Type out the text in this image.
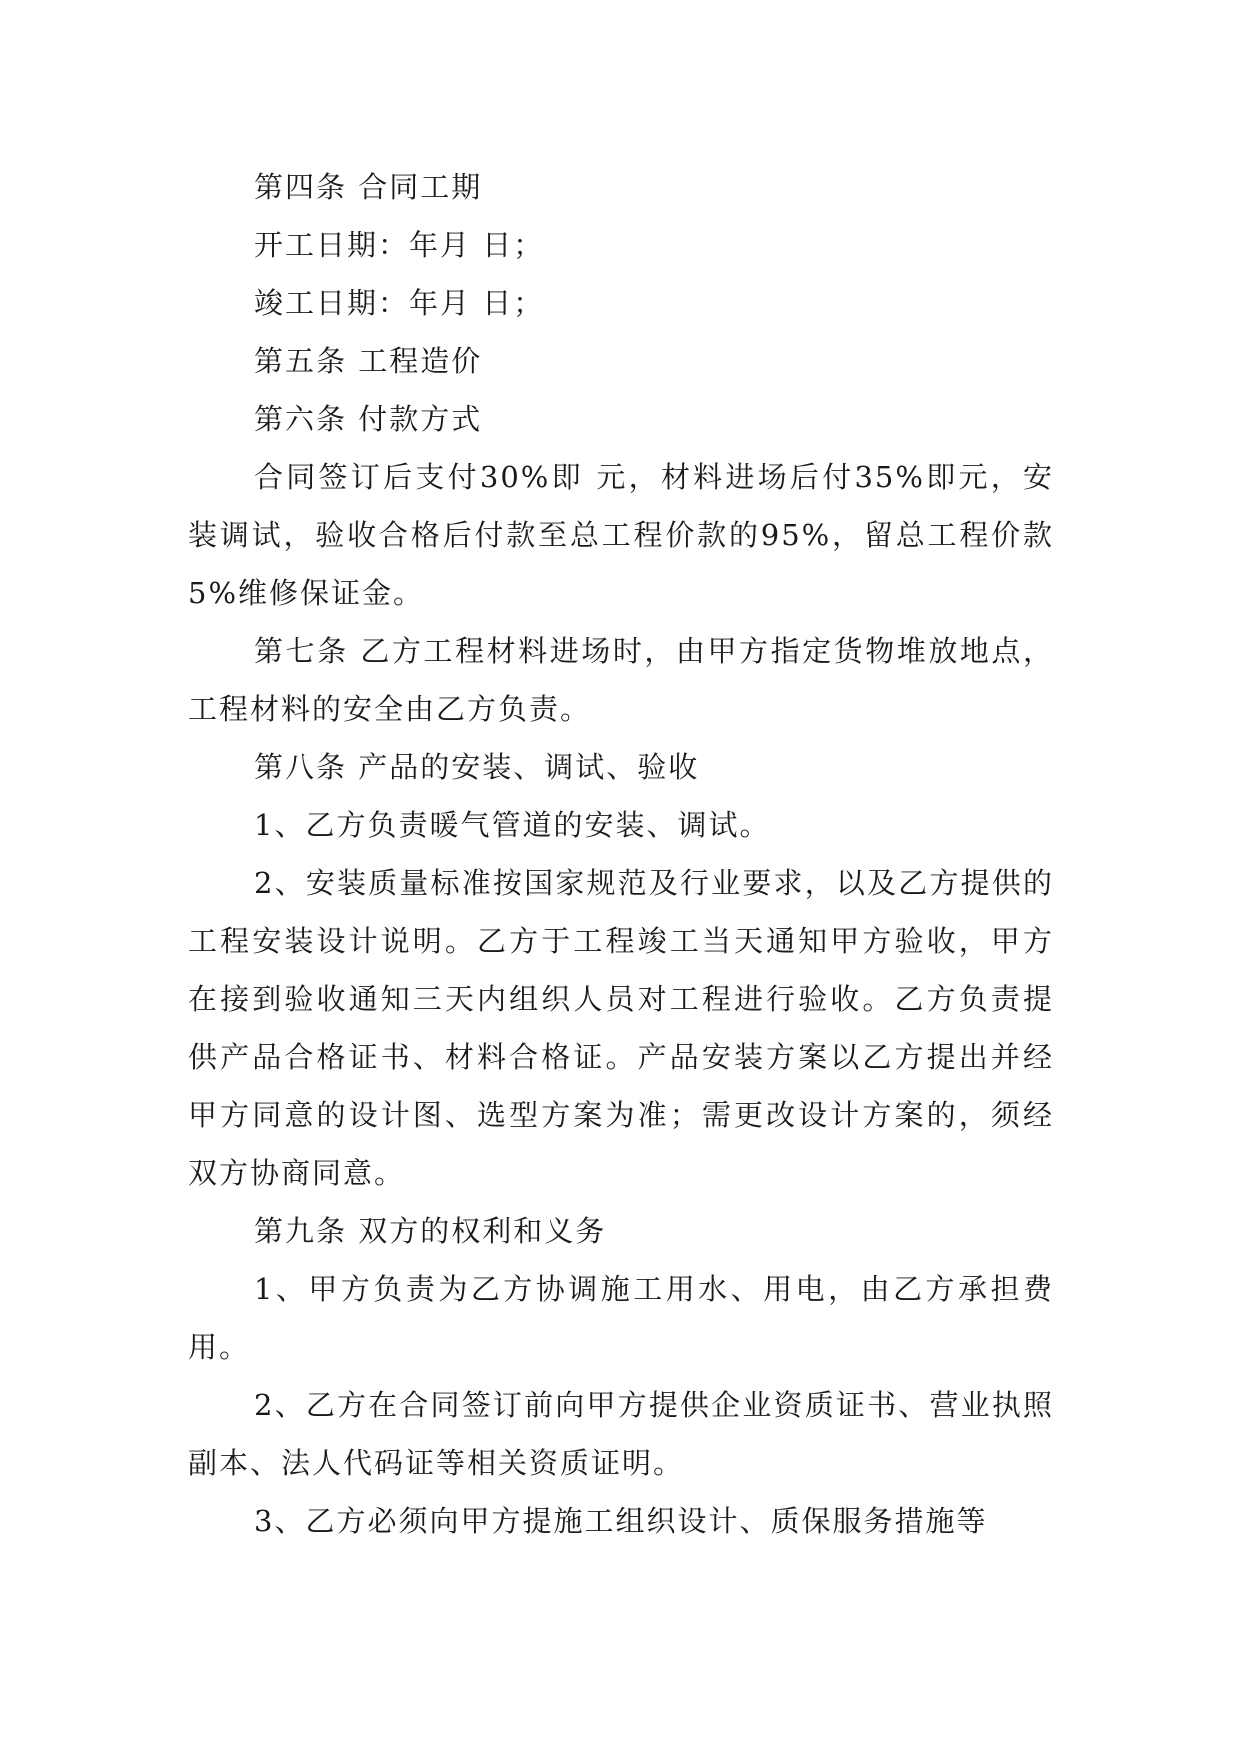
第四条 合同工期

开工日期：年月 日；

竣工日期：年月 日；

第五条 工程造价

第六条 付款方式

合同签订后支付30%即 元，材料进场后付35%即元，安装调试，验收合格后付款至总工程价款的95%，留总工程价款5%维修保证金。

第七条 乙方工程材料进场时，由甲方指定货物堆放地点，工程材料的安全由乙方负责。

第八条 产品的安装、调试、验收

1、乙方负责暖气管道的安装、调试。

2、安装质量标准按国家规范及行业要求，以及乙方提供的工程安装设计说明。乙方于工程竣工当天通知甲方验收，甲方在接到验收通知三天内组织人员对工程进行验收。乙方负责提供产品合格证书、材料合格证。产品安装方案以乙方提出并经甲方同意的设计图、选型方案为准；需更改设计方案的，须经双方协商同意。

第九条 双方的权利和义务

1、甲方负责为乙方协调施工用水、用电，由乙方承担费用。

2、乙方在合同签订前向甲方提供企业资质证书、营业执照副本、法人代码证等相关资质证明。

3、乙方必须向甲方提施工组织设计、质保服务措施等
